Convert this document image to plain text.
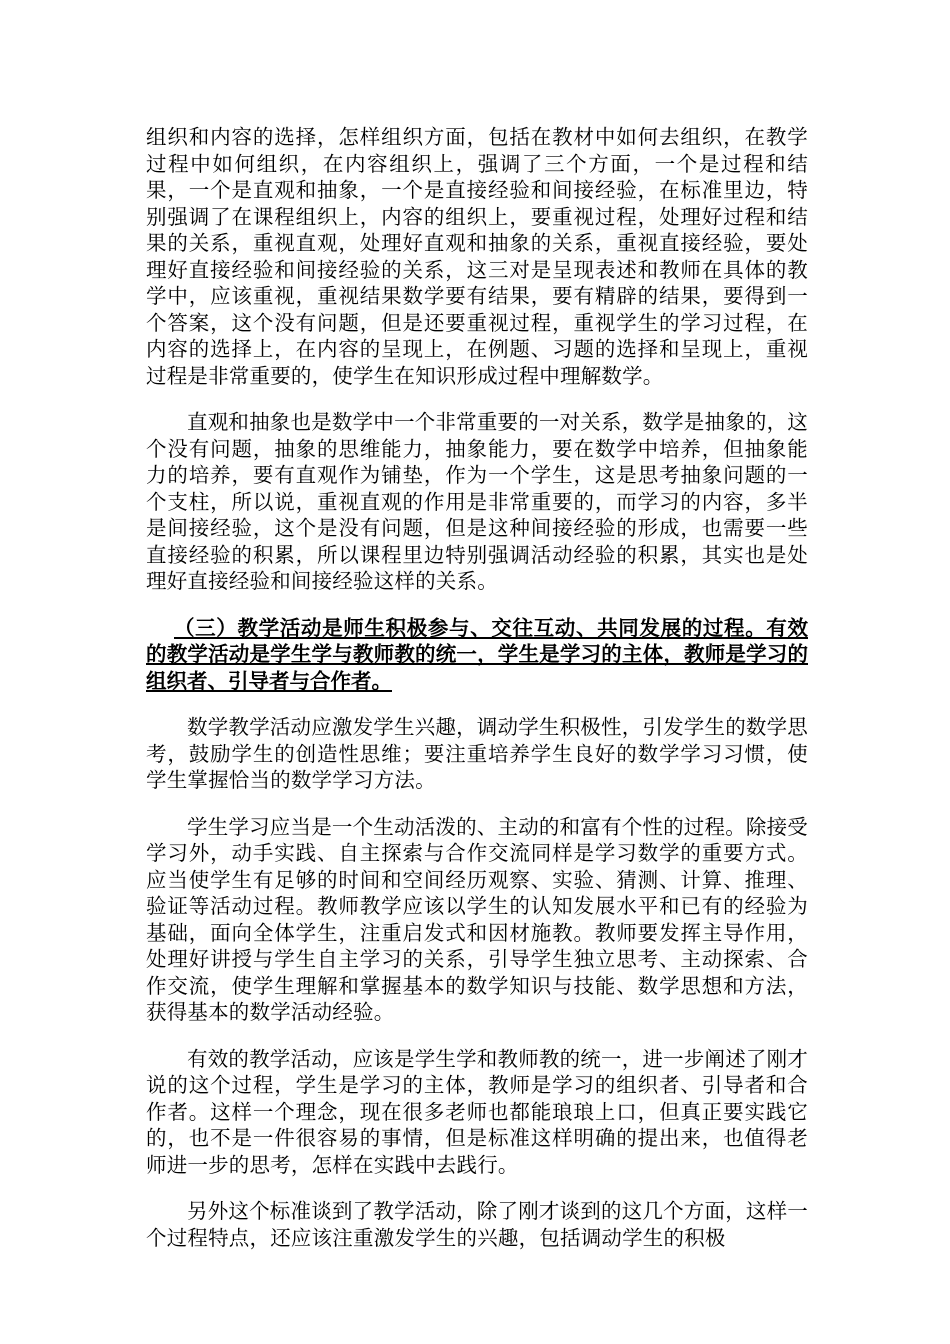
组织和内容的选择，怎样组织方面，包括在教材中如何去组织，在教学过程中如何组织，在内容组织上，强调了三个方面，一个是过程和结果，一个是直观和抽象，一个是直接经验和间接经验，在标准里边，特别强调了在课程组织上，内容的组织上，要重视过程，处理好过程和结果的关系，重视直观，处理好直观和抽象的关系，重视直接经验，要处理好直接经验和间接经验的关系，这三对是呈现表述和教师在具体的教学中，应该重视，重视结果数学要有结果，要有精辟的结果，要得到一个答案，这个没有问题，但是还要重视过程，重视学生的学习过程，在内容的选择上，在内容的呈现上，在例题、习题的选择和呈现上，重视过程是非常重要的，使学生在知识形成过程中理解数学。

直观和抽象也是数学中一个非常重要的一对关系，数学是抽象的，这个没有问题，抽象的思维能力，抽象能力，要在数学中培养，但抽象能力的培养，要有直观作为铺垫，作为一个学生，这是思考抽象问题的一个支柱，所以说，重视直观的作用是非常重要的，而学习的内容，多半是间接经验，这个是没有问题，但是这种间接经验的形成，也需要一些直接经验的积累，所以课程里边特别强调活动经验的积累，其实也是处理好直接经验和间接经验这样的关系。

（三）教学活动是师生积极参与、交往互动、共同发展的过程。有效的教学活动是学生学与教师教的统一，学生是学习的主体，教师是学习的组织者、引导者与合作者。

数学教学活动应激发学生兴趣，调动学生积极性，引发学生的数学思考，鼓励学生的创造性思维；要注重培养学生良好的数学学习习惯，使学生掌握恰当的数学学习方法。

学生学习应当是一个生动活泼的、主动的和富有个性的过程。除接受学习外，动手实践、自主探索与合作交流同样是学习数学的重要方式。应当使学生有足够的时间和空间经历观察、实验、猜测、计算、推理、验证等活动过程。教师教学应该以学生的认知发展水平和已有的经验为基础，面向全体学生，注重启发式和因材施教。教师要发挥主导作用，处理好讲授与学生自主学习的关系，引导学生独立思考、主动探索、合作交流，使学生理解和掌握基本的数学知识与技能、数学思想和方法，获得基本的数学活动经验。

有效的教学活动，应该是学生学和教师教的统一，进一步阐述了刚才说的这个过程，学生是学习的主体，教师是学习的组织者、引导者和合作者。这样一个理念，现在很多老师也都能琅琅上口，但真正要实践它的，也不是一件很容易的事情，但是标准这样明确的提出来，也值得老师进一步的思考，怎样在实践中去践行。

另外这个标准谈到了教学活动，除了刚才谈到的这几个方面，这样一个过程特点，还应该注重激发学生的兴趣，包括调动学生的积极
